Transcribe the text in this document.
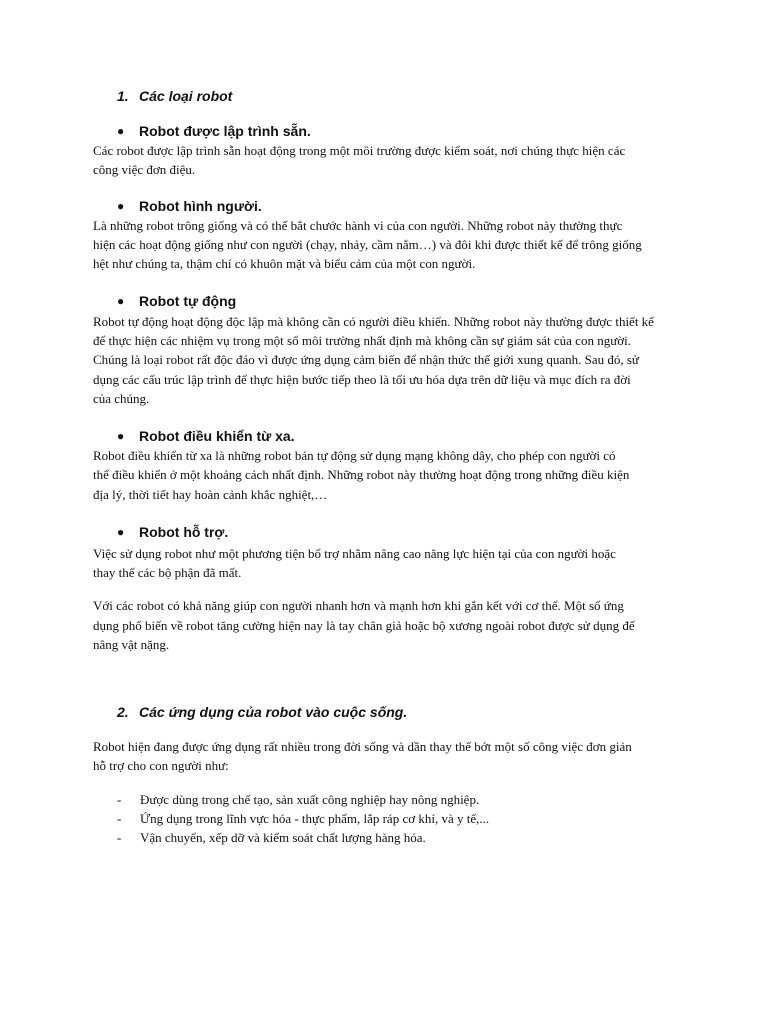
1. Các loại robot
● Robot được lập trình sẵn.
Các robot được lập trình sẵn hoạt động trong một môi trường được kiểm soát, nơi chúng thực hiện các
công việc đơn điệu.
● Robot hình người.
Là những robot trông giống và có thể bắt chước hành vi của con người. Những robot này thường thực
hiện các hoạt động giống như con người (chạy, nhảy, cầm nắm…) và đôi khi được thiết kế để trông giống
hệt như chúng ta, thậm chí có khuôn mặt và biểu cảm của một con người.
● Robot tự động
Robot tự động hoạt động độc lập mà không cần có người điều khiển. Những robot này thường được thiết kế
để thực hiện các nhiệm vụ trong một số môi trường nhất định mà không cần sự giám sát của con người.
Chúng là loại robot rất độc đáo vì được ứng dụng cảm biến để nhận thức thế giới xung quanh. Sau đó, sử
dụng các cấu trúc lập trình để thực hiện bước tiếp theo là tối ưu hóa dựa trên dữ liệu và mục đích ra đời
của chúng.
● Robot điều khiển từ xa.
Robot điều khiển từ xa là những robot bán tự động sử dụng mạng không dây, cho phép con người có
thể điều khiển ở một khoảng cách nhất định. Những robot này thường hoạt động trong những điều kiện
địa lý, thời tiết hay hoàn cảnh khắc nghiệt,…
● Robot hỗ trợ.
Việc sử dụng robot như một phương tiện bổ trợ nhằm nâng cao năng lực hiện tại của con người hoặc
thay thế các bộ phận đã mất.
Với các robot có khả năng giúp con người nhanh hơn và mạnh hơn khi gắn kết với cơ thể. Một số ứng
dụng phổ biến về robot tăng cường hiện nay là tay chân giả hoặc bộ xương ngoài robot được sử dụng để
nâng vật nặng.
2. Các ứng dụng của robot vào cuộc sống.
Robot hiện đang được ứng dụng rất nhiều trong đời sống và dần thay thế bớt một số công việc đơn giản
hỗ trợ cho con người như:
- Được dùng trong chế tạo, sản xuất công nghiệp hay nông nghiệp.
- Ứng dụng trong lĩnh vực hóa - thực phẩm, lắp ráp cơ khí, và y tế,...
- Vận chuyển, xếp dỡ và kiểm soát chất lượng hàng hóa.
